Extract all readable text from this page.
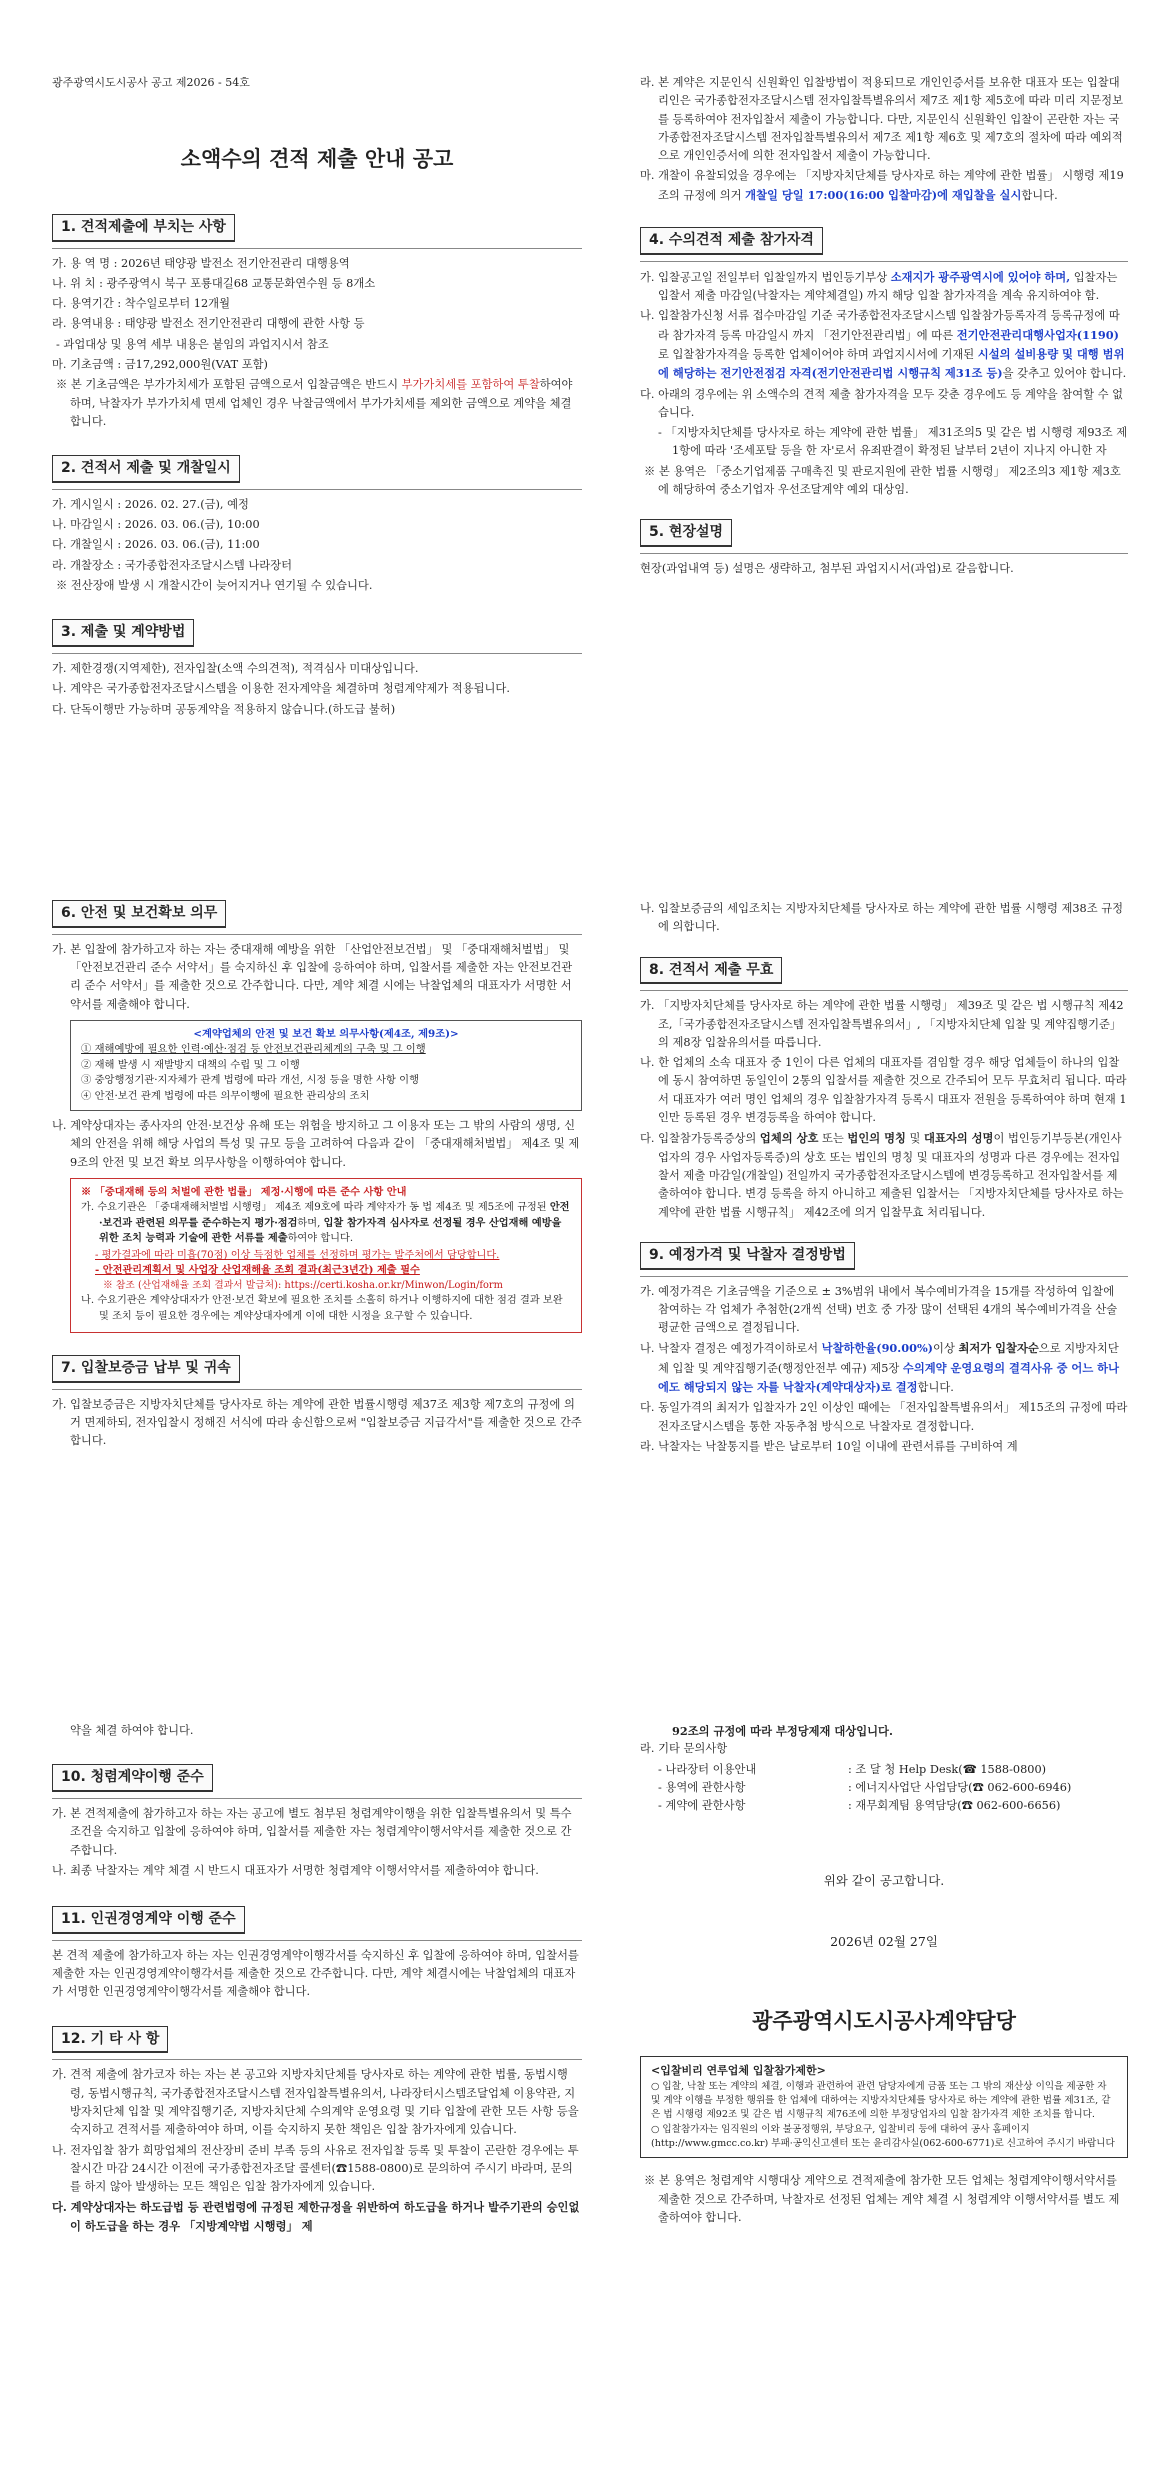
광주광역시도시공사 공고 제2026 - 54호
소액수의 견적 제출 안내 공고
1. 견적제출에 부치는 사항
가. 용 역 명 : 2026년 태양광 발전소 전기안전관리 대행용역
나. 위 치 : 광주광역시 북구 포룡대길68 교통문화연수원 등 8개소
다. 용역기간 : 착수일로부터 12개월
라. 용역내용 : 태양광 발전소 전기안전관리 대행에 관한 사항 등
- 과업대상 및 용역 세부 내용은 붙임의 과업지시서 참조
마. 기초금액 : 금17,292,000원(VAT 포함)
※ 본 기초금액은 부가가치세가 포함된 금액으로서 입찰금액은 반드시 부가가치세를 포함하여 투찰하여야 하며, 낙찰자가 부가가치세 면세 업체인 경우 낙찰금액에서 부가가치세를 제외한 금액으로 계약을 체결합니다.
2. 견적서 제출 및 개찰일시
가. 게시일시 : 2026. 02. 27.(금), 예정
나. 마감일시 : 2026. 03. 06.(금), 10:00
다. 개찰일시 : 2026. 03. 06.(금), 11:00
라. 개찰장소 : 국가종합전자조달시스템 나라장터
※ 전산장애 발생 시 개찰시간이 늦어지거나 연기될 수 있습니다.
3. 제출 및 계약방법
가. 제한경쟁(지역제한), 전자입찰(소액 수의견적), 적격심사 미대상입니다.
나. 계약은 국가종합전자조달시스템을 이용한 전자계약을 체결하며 청렴계약제가 적용됩니다.
다. 단독이행만 가능하며 공동계약을 적용하지 않습니다.(하도급 불허)
라. 본 계약은 지문인식 신원확인 입찰방법이 적용되므로 개인인증서를 보유한 대표자 또는 입찰대리인은 국가종합전자조달시스템 전자입찰특별유의서 제7조 제1항 제5호에 따라 미리 지문정보를 등록하여야 전자입찰서 제출이 가능합니다. 다만, 지문인식 신원확인 입찰이 곤란한 자는 국가종합전자조달시스템 전자입찰특별유의서 제7조 제1항 제6호 및 제7호의 절차에 따라 예외적으로 개인인증서에 의한 전자입찰서 제출이 가능합니다.
마. 개찰이 유찰되었을 경우에는 「지방자치단체를 당사자로 하는 계약에 관한 법률」 시행령 제19조의 규정에 의거 개찰일 당일 17:00(16:00 입찰마감)에 재입찰을 실시합니다.
4. 수의견적 제출 참가자격
가. 입찰공고일 전일부터 입찰일까지 법인등기부상 소재지가 광주광역시에 있어야 하며, 입찰자는 입찰서 제출 마감일(낙찰자는 계약체결일) 까지 해당 입찰 참가자격을 계속 유지하여야 함.
나. 입찰참가신청 서류 접수마감일 기준 국가종합전자조달시스템 입찰참가등록자격 등록규정에 따라 참가자격 등록 마감일시 까지 「전기안전관리법」에 따른 전기안전관리대행사업자(1190)로 입찰참가자격을 등록한 업체이어야 하며 과업지시서에 기재된 시설의 설비용량 및 대행 범위에 해당하는 전기안전점검 자격(전기안전관리법 시행규칙 제31조 등)을 갖추고 있어야 합니다.
다. 아래의 경우에는 위 소액수의 견적 제출 참가자격을 모두 갖춘 경우에도 등 계약을 참여할 수 없습니다.
- 「지방자치단체를 당사자로 하는 계약에 관한 법률」 제31조의5 및 같은 법 시행령 제93조 제1항에 따라 '조세포탈 등을 한 자'로서 유죄판결이 확정된 날부터 2년이 지나지 아니한 자
※ 본 용역은 「중소기업제품 구매촉진 및 판로지원에 관한 법률 시행령」 제2조의3 제1항 제3호에 해당하여 중소기업자 우선조달계약 예외 대상임.
5. 현장설명
현장(과업내역 등) 설명은 생략하고, 첨부된 과업지시서(과업)로 갈음합니다.
6. 안전 및 보건확보 의무
가. 본 입찰에 참가하고자 하는 자는 중대재해 예방을 위한 「산업안전보건법」 및 「중대재해처벌법」 및 「안전보건관리 준수 서약서」를 숙지하신 후 입찰에 응하여야 하며, 입찰서를 제출한 자는 안전보건관리 준수 서약서」를 제출한 것으로 간주합니다. 다만, 계약 체결 시에는 낙찰업체의 대표자가 서명한 서약서를 제출해야 합니다.
<계약업체의 안전 및 보건 확보 의무사항(제4조, 제9조)>
① 재해예방에 필요한 인력·예산·점검 등 안전보건관리체계의 구축 및 그 이행
② 재해 발생 시 재발방지 대책의 수립 및 그 이행
③ 중앙행정기관·지자체가 관계 법령에 따라 개선, 시정 등을 명한 사항 이행
④ 안전·보건 관계 법령에 따른 의무이행에 필요한 관리상의 조치
나. 계약상대자는 종사자의 안전·보건상 유해 또는 위험을 방지하고 그 이용자 또는 그 밖의 사람의 생명, 신체의 안전을 위해 해당 사업의 특성 및 규모 등을 고려하여 다음과 같이 「중대재해처벌법」 제4조 및 제9조의 안전 및 보건 확보 의무사항을 이행하여야 합니다.
※ 「중대재해 등의 처벌에 관한 법률」 제정·시행에 따른 준수 사항 안내
가. 수요기관은 「중대재해처벌법 시행령」 제4조 제9호에 따라 계약자가 동 법 제4조 및 제5조에 규정된 안전·보건과 관련된 의무를 준수하는지 평가·점검하며, 입찰 참가자격 심사자로 선정될 경우 산업재해 예방을 위한 조치 능력과 기술에 관한 서류를 제출하여야 합니다.
- 평가결과에 따라 미흡(70점) 이상 득점한 업체를 선정하며 평가는 발주처에서 담당합니다.
- 안전관리계획서 및 사업장 산업재해율 조회 결과(최근3년간) 제출 필수
※ 참조 (산업재해율 조회 결과서 발급처): https://certi.kosha.or.kr/Minwon/Login/form
나. 수요기관은 계약상대자가 안전·보건 확보에 필요한 조치를 소홀히 하거나 이행하지에 대한 점검 결과 보완 및 조치 등이 필요한 경우에는 계약상대자에게 이에 대한 시정을 요구할 수 있습니다.
7. 입찰보증금 납부 및 귀속
가. 입찰보증금은 지방자치단체를 당사자로 하는 계약에 관한 법률시행령 제37조 제3항 제7호의 규정에 의거 면제하되, 전자입찰시 정해진 서식에 따라 송신함으로써 "입찰보증금 지급각서"를 제출한 것으로 간주합니다.
나. 입찰보증금의 세입조치는 지방자치단체를 당사자로 하는 계약에 관한 법률 시행령 제38조 규정에 의합니다.
8. 견적서 제출 무효
가. 「지방자치단체를 당사자로 하는 계약에 관한 법률 시행령」 제39조 및 같은 법 시행규칙 제42조,「국가종합전자조달시스템 전자입찰특별유의서」, 「지방자치단체 입찰 및 계약집행기준」의 제8장 입찰유의서를 따릅니다.
나. 한 업체의 소속 대표자 중 1인이 다른 업체의 대표자를 겸임할 경우 해당 업체들이 하나의 입찰에 동시 참여하면 동일인이 2통의 입찰서를 제출한 것으로 간주되어 모두 무효처리 됩니다. 따라서 대표자가 여러 명인 업체의 경우 입찰참가자격 등록시 대표자 전원을 등록하여야 하며 현재 1인만 등록된 경우 변경등록을 하여야 합니다.
다. 입찰참가등록증상의 업체의 상호 또는 법인의 명칭 및 대표자의 성명이 법인등기부등본(개인사업자의 경우 사업자등록증)의 상호 또는 법인의 명칭 및 대표자의 성명과 다른 경우에는 전자입찰서 제출 마감일(개찰일) 전일까지 국가종합전자조달시스템에 변경등록하고 전자입찰서를 제출하여야 합니다. 변경 등록을 하지 아니하고 제출된 입찰서는 「지방자치단체를 당사자로 하는 계약에 관한 법률 시행규칙」 제42조에 의거 입찰무효 처리됩니다.
9. 예정가격 및 낙찰자 결정방법
가. 예정가격은 기초금액을 기준으로 ± 3%범위 내에서 복수예비가격을 15개를 작성하여 입찰에 참여하는 각 업체가 추첨한(2개씩 선택) 번호 중 가장 많이 선택된 4개의 복수예비가격을 산술 평균한 금액으로 결정됩니다.
나. 낙찰자 결정은 예정가격이하로서 낙찰하한율(90.00%)이상 최저가 입찰자순으로 지방자치단체 입찰 및 계약집행기준(행정안전부 예규) 제5장 수의계약 운영요령의 결격사유 중 어느 하나에도 해당되지 않는 자를 낙찰자(계약대상자)로 결정합니다.
다. 동일가격의 최저가 입찰자가 2인 이상인 때에는 「전자입찰특별유의서」 제15조의 규정에 따라 전자조달시스템을 통한 자동추첨 방식으로 낙찰자로 결정합니다.
라. 낙찰자는 낙찰통지를 받은 날로부터 10일 이내에 관련서류를 구비하여 계
약을 체결 하여야 합니다.
10. 청렴계약이행 준수
가. 본 견적제출에 참가하고자 하는 자는 공고에 별도 첨부된 청렴계약이행을 위한 입찰특별유의서 및 특수조건을 숙지하고 입찰에 응하여야 하며, 입찰서를 제출한 자는 청렴계약이행서약서를 제출한 것으로 간주합니다.
나. 최종 낙찰자는 계약 체결 시 반드시 대표자가 서명한 청렴계약 이행서약서를 제출하여야 합니다.
11. 인권경영계약 이행 준수
본 견적 제출에 참가하고자 하는 자는 인권경영계약이행각서를 숙지하신 후 입찰에 응하여야 하며, 입찰서를 제출한 자는 인권경영계약이행각서를 제출한 것으로 간주합니다. 다만, 계약 체결시에는 낙찰업체의 대표자가 서명한 인권경영계약이행각서를 제출해야 합니다.
12. 기 타 사 항
가. 견적 제출에 참가코자 하는 자는 본 공고와 지방자치단체를 당사자로 하는 계약에 관한 법률, 동법시행령, 동법시행규칙, 국가종합전자조달시스템 전자입찰특별유의서, 나라장터시스템조달업체 이용약관, 지방자치단체 입찰 및 계약집행기준, 지방자치단체 수의계약 운영요령 및 기타 입찰에 관한 모든 사항 등을 숙지하고 견적서를 제출하여야 하며, 이를 숙지하지 못한 책임은 입찰 참가자에게 있습니다.
나. 전자입찰 참가 희망업체의 전산장비 준비 부족 등의 사유로 전자입찰 등록 및 투찰이 곤란한 경우에는 투찰시간 마감 24시간 이전에 국가종합전자조달 콜센터(☎1588-0800)로 문의하여 주시기 바라며, 문의를 하지 않아 발생하는 모든 책임은 입찰 참가자에게 있습니다.
다. 계약상대자는 하도급법 등 관련법령에 규정된 제한규정을 위반하여 하도급을 하거나 발주기관의 승인없이 하도급을 하는 경우 「지방계약법 시행령」 제
92조의 규정에 따라 부정당제재 대상입니다.
라. 기타 문의사항
- 나라장터 이용안내	: 조 달 청 Help Desk(☎ 1588-0800)
- 용역에 관한사항	: 에너지사업단 사업담당(☎ 062-600-6946)
- 계약에 관한사항	: 재무회계팀 용역담당(☎ 062-600-6656)
위와 같이 공고합니다.
2026년 02월 27일
광주광역시도시공사계약담당
<입찰비리 연루업체 입찰참가제한>
○ 입찰, 낙찰 또는 계약의 체결, 이행과 관련하여 관련 담당자에게 금품 또는 그 밖의 재산상 이익을 제공한 자 및 계약 이행을 부정한 행위를 한 업체에 대하여는 지방자치단체를 당사자로 하는 계약에 관한 법률 제31조, 같은 법 시행령 제92조 및 같은 법 시행규칙 제76조에 의한 부정당업자의 입찰 참가자격 제한 조치를 합니다.
○ 입찰참가자는 임직원의 이와 불공정행위, 부당요구, 입찰비리 등에 대하여 공사 홈페이지(http://www.gmcc.co.kr) 부패·공익신고센터 또는 윤리감사실(062-600-6771)로 신고하여 주시기 바랍니다
※ 본 용역은 청렴계약 시행대상 계약으로 견적제출에 참가한 모든 업체는 청렴계약이행서약서를 제출한 것으로 간주하며, 낙찰자로 선정된 업체는 계약 체결 시 청렴계약 이행서약서를 별도 제출하여야 합니다.
